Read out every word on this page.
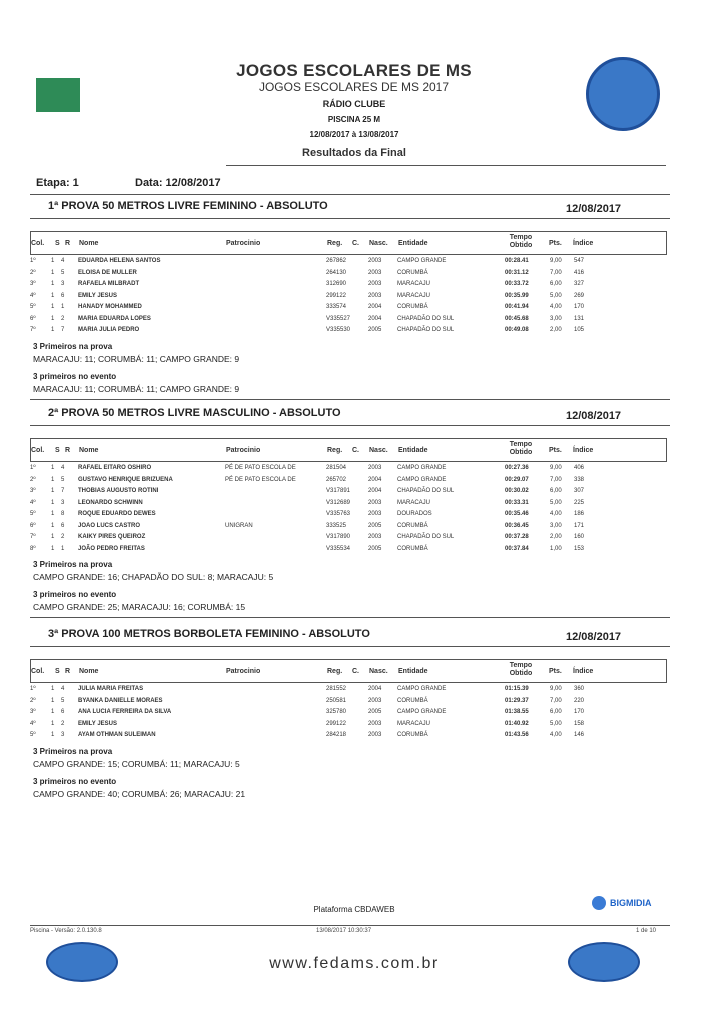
JOGOS ESCOLARES DE MS
JOGOS ESCOLARES DE MS 2017
RÁDIO CLUBE
PISCINA 25 M
12/08/2017 à 13/08/2017
Resultados da Final
Etapa: 1	Data: 12/08/2017
1ª PROVA 50 METROS LIVRE FEMININO - ABSOLUTO	12/08/2017
Col. S R Nome	Patrocinio	Reg. C. Nasc. Entidade
Tempo Obtido	Pts. Índice
1º	1 4 EDUARDA HELENA SANTOS	267862	2003	CAMPO GRANDE	00:28.41	9,00 547
2º	1 5 ELOISA DE MULLER	264130	2003	CORUMBÁ	00:31.12	7,00 416
3º	1 3 RAFAELA MILBRADT	312690	2003	MARACAJU	00:33.72	6,00 327
4º	1 6 EMILY JESUS	299122	2003	MARACAJU	00:35.99	5,00 269
5º	1 1 HANADY MOHAMMED	333574	2004	CORUMBÁ	00:41.94	4,00 170
6º	1 2 MARIA EDUARDA LOPES	V335527	2004	CHAPADÃO DO SUL	00:45.68	3,00 131
7º	1 7 MARIA JULIA PEDRO	V335530	2005	CHAPADÃO DO SUL	00:49.08	2,00 105
3 Primeiros na prova
MARACAJU: 11; CORUMBÁ: 11; CAMPO GRANDE: 9
3 primeiros no evento
MARACAJU: 11; CORUMBÁ: 11; CAMPO GRANDE: 9
2ª PROVA 50 METROS LIVRE MASCULINO - ABSOLUTO	12/08/2017
Col. S R Nome	Patrocinio	Reg. C. Nasc. Entidade
Tempo Obtido	Pts. Índice
1º	1 4 RAFAEL EITARO OSHIRO	PÉ DE PATO ESCOLA DE	281504	2003	CAMPO GRANDE	00:27.36	9,00 406
2º	1 5 GUSTAVO HENRIQUE BRIZUENA	PÉ DE PATO ESCOLA DE	265702	2004	CAMPO GRANDE	00:29.07	7,00 338
3º	1 7 THOBIAS AUGUSTO ROTINI	V317891	2004	CHAPADÃO DO SUL	00:30.02	6,00 307
4º	1 3 LEONARDO SCHWINN	V312689	2003	MARACAJU	00:33.31	5,00 225
5º	1 8 ROQUE EDUARDO DEWES	V335763	2003	DOURADOS	00:35.46	4,00 186
6º	1 6 JOAO LUCS CASTRO	UNIGRAN	333525	2005	CORUMBÁ	00:36.45	3,00 171
7º	1 2 KAIKY PIRES QUEIROZ	V317890	2003	CHAPADÃO DO SUL	00:37.28	2,00 160
8º	1 1 JOÃO PEDRO FREITAS	V335534	2005	CORUMBÁ	00:37.84	1,00 153
3 Primeiros na prova
CAMPO GRANDE: 16; CHAPADÃO DO SUL: 8; MARACAJU: 5
3 primeiros no evento
CAMPO GRANDE: 25; MARACAJU: 16; CORUMBÁ: 15
3ª PROVA 100 METROS BORBOLETA FEMININO - ABSOLUTO	12/08/2017
Col. S R Nome	Patrocinio	Reg. C. Nasc. Entidade
Tempo Obtido	Pts. Índice
1º	1 4 JULIA MARIA FREITAS	281552	2004	CAMPO GRANDE	01:15.39	9,00 360
2º	1 5 BYANKA DANIELLE MORAES	250581	2003	CORUMBÁ	01:29.37	7,00 220
3º	1 6 ANA LUCIA FERREIRA DA SILVA	325780	2005	CAMPO GRANDE	01:38.55	6,00 170
4º	1 2 EMILY JESUS	299122	2003	MARACAJU	01:40.92	5,00 158
5º	1 3 AYAM OTHMAN SULEIMAN	284218	2003	CORUMBÁ	01:43.56	4,00 146
3 Primeiros na prova
CAMPO GRANDE: 15; CORUMBÁ: 11; MARACAJU: 5
3 primeiros no evento
CAMPO GRANDE: 40; CORUMBÁ: 26; MARACAJU: 21
Plataforma CBDAWEB
BIGMIDIA
Piscina - Versão: 2.0.130.8	13/08/2017 10:30:37	1 de 10
www.fedams.com.br
